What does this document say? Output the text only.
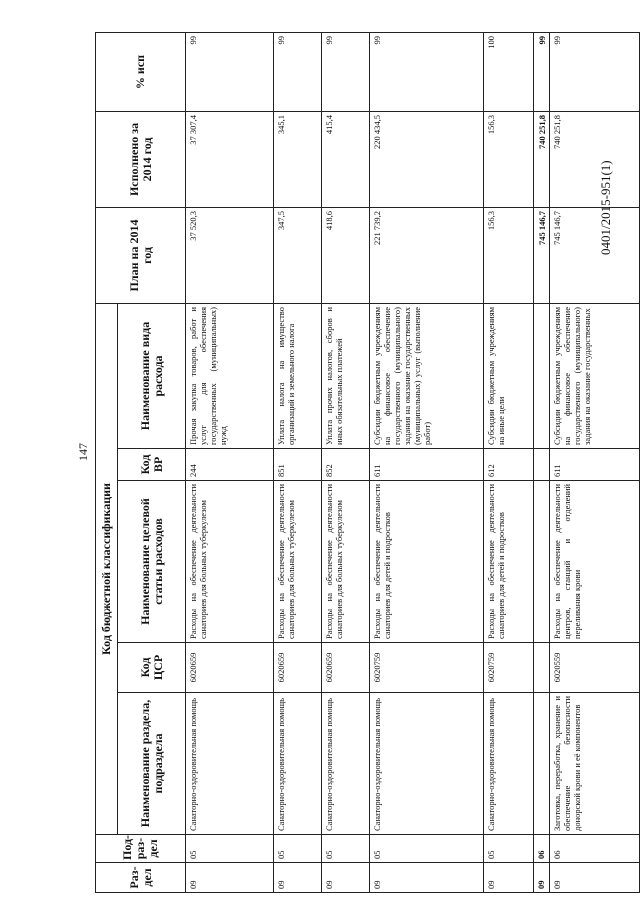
147
Раз-дел	Под-раз-дел	Код бюджетной классификации					План на 2014 год	Исполнено за 2014 год	% исп
		Наименование раздела, подраздела	Код ЦСР	Наименование целевой статьи расходов	Код ВР	Наименование вида расхода			
09	05	Санаторно-оздоровительная помощь	6020659	Расходы на обеспечение деятельности санаториев для больных туберкулезом	244	Прочая закупка товаров, работ и услуг для обеспечения государственных (муниципальных) нужд	37 520,3	37 307,4	99
09	05	Санаторно-оздоровительная помощь	6020659	Расходы на обеспечение деятельности санаториев для больных туберкулезом	851	Уплата налога на имущество организаций и земельного налога	347,5	345,1	99
09	05	Санаторно-оздоровительная помощь	6020659	Расходы на обеспечение деятельности санаториев для больных туберкулезом	852	Уплата прочих налогов, сборов и иных обязательных платежей	418,6	415,4	99
09	05	Санаторно-оздоровительная помощь	6020759	Расходы на обеспечение деятельности санаториев для детей и подростков	611	Субсидии бюджетным учреждениям на финансовое обеспечение государственного (муниципального) задания на оказание государственных (муниципальных) услуг (выполнение работ)	221 739,2	220 434,5	99
09	05	Санаторно-оздоровительная помощь	6020759	Расходы на обеспечение деятельности санаториев для детей и подростков	612	Субсидии бюджетным учреждениям на иные цели	156,3	156,3	100
09	06						745 146,7	740 251,8	99
09	06	Заготовка, переработка, хранение и обеспечение безопасности донорской крови и её компонентов	6020559	Расходы на обеспечение деятельности центров, станций и отделений переливания крови	611	Субсидии бюджетным учреждениям на финансовое обеспечение государственного (муниципального) задания на оказание государственных	745 146,7	740 251,8	99
0401/2015-951(1)
